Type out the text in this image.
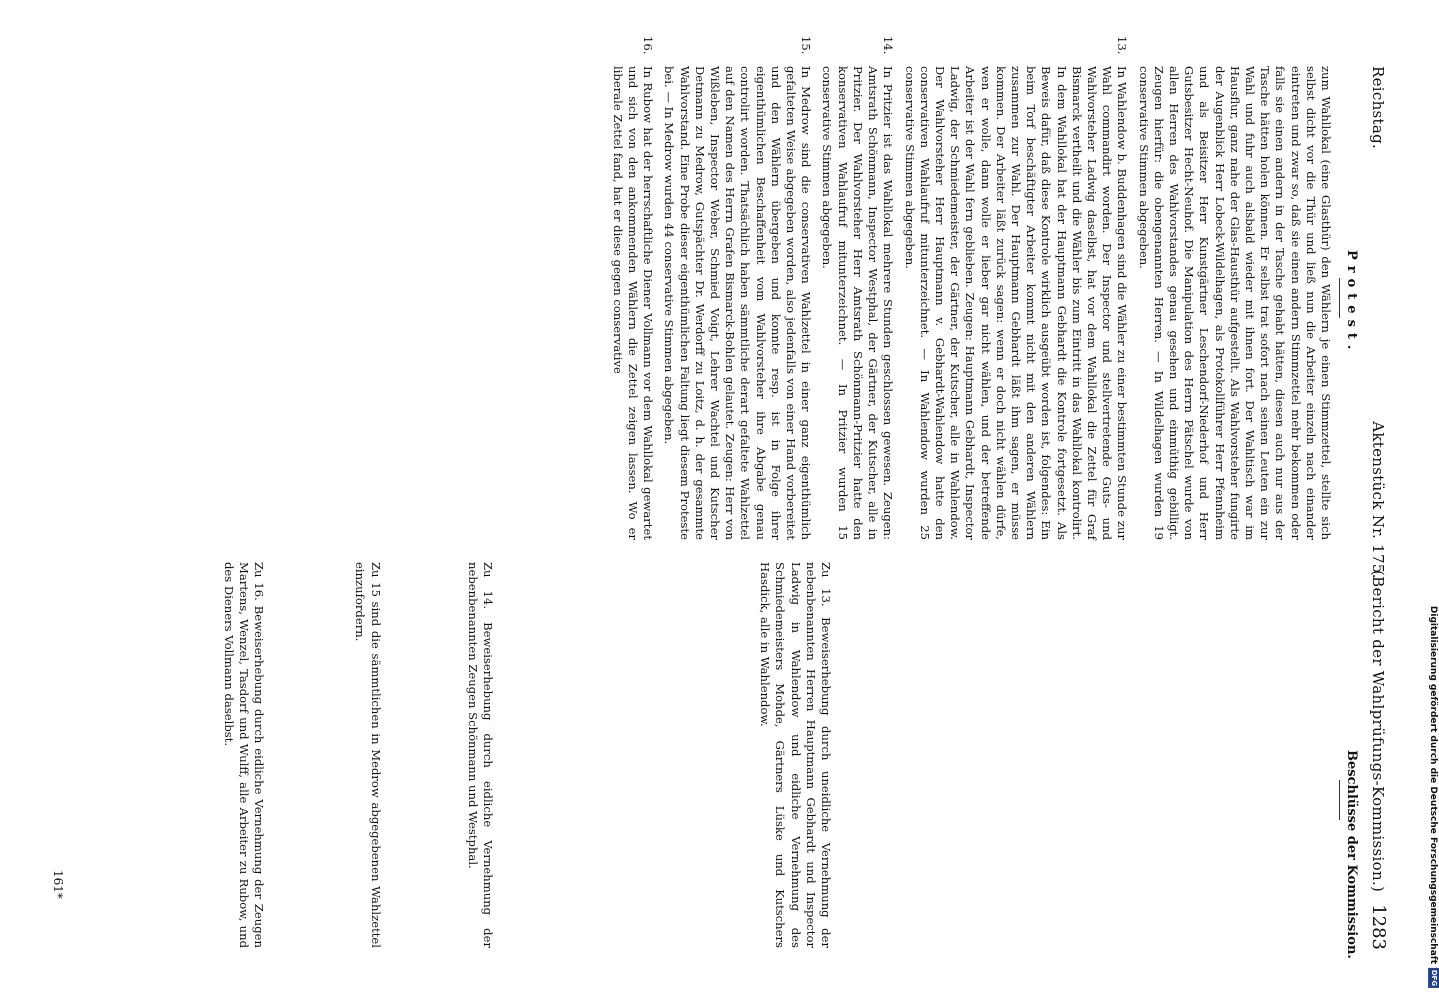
Reichstag.
Aktenstück Nr. 175.
(Bericht der Wahlprüfungs-Kommission.)
1283
Protest.
Beschlüsse der Kommission.

zum Wahllokal (eine Glasthür) den Wählern je einen Stimmzettel, stellte sich selbst dicht vor die Thür und ließ nun die Arbeiter einzeln nach einander eintreten und zwar so, daß sie einen andern Stimmzettel mehr bekommen oder falls sie einen andern in der Tasche gehabt hätten, diesen auch nur aus der Tasche hätten holen können. Er selbst trat sofort nach seinen Leuten ein zur Wahl und fuhr auch alsbald wieder mit ihnen fort. Der Wahltisch war im Hausflur, ganz nahe der Glas-Hausthür aufgestellt. Als Wahlvorsteher fungirte der Augenblick Herr Lobeck-Wildelhagen, als Protokollführer Herr Pfennheim und als Beisitzer Herr Kunstgärtner Leschendorf-Niederhof und Herr Gutsbesitzer Hecht-Neuhof. Die Manipulation des Herrn Pätschel wurde von allen Herren des Wahlvorstandes genau gesehen und einmüthig gebilligt. Zeugen hierfür: die obengenannten Herren. — In Wildelhagen wurden 19 conservative Stimmen abgegeben.

13.

In Wahlendow b. Buddenhagen sind die Wähler zu einer bestimmten Stunde zur Wahl commandirt worden. Der Inspector und stellvertretende Guts- und Wahlvorsteher Ladwig daselbst, hat vor dem Wahllokal die Zettel für Graf Bismarck vertheilt und die Wähler bis zum Eintritt in das Wahllokal kontrolirt. In dem Wahllokal hat der Hauptmann Gebhardt die Kontrole fortgesetzt. Als Beweis dafür, daß diese Kontrole wirklich ausgeübt worden ist, folgendes: Ein beim Torf beschäftigter Arbeiter kommt nicht mit den anderen Wählern zusammen zur Wahl. Der Hauptmann Gebhardt läßt ihm sagen, er müsse kommen. Der Arbeiter läßt zurück sagen: wenn er doch nicht wählen dürfe, wen er wolle, dann wolle er lieber gar nicht wählen, und der betreffende Arbeiter ist der Wahl fern geblieben. Zeugen: Hauptmann Gebhardt, Inspector Ladwig, der Schmiedemeister, der Gärtner, der Kutscher, alle in Wahlendow. Der Wahlvorsteher Herr Hauptmann v. Gebhardt-Wahlendow hatte den conservativen Wahlaufruf mitunterzeichnet. — In Wahlendow wurden 25 conservative Stimmen abgegeben.

14.

In Pritzier ist das Wahllokal mehrere Stunden geschlossen gewesen. Zeugen: Amtsrath Schönmann, Inspector Westphal, der Gärtner, der Kutscher, alle in Pritzier. Der Wahlvorsteher Herr Amtsrath Schönmann-Pritzier hatte den konservativen Wahlaufruf mitunterzeichnet. — In Pritzier wurden 15 conservative Stimmen abgegeben.

15.

In Medrow sind die conservativen Wahlzettel in einer ganz eigenthümlich gefalteten Weise abgegeben worden, also jedenfalls von einer Hand vorbereitet und den Wählern übergeben und konnte resp. ist in Folge ihrer eigenthümlichen Beschaffenheit vom Wahlvorsteher ihre Abgabe genau controlirt worden. Thatsächlich haben sämmtliche derart gefaltete Wahlzettel auf den Namen des Herrn Grafen Bismarck-Bohlen gelautet. Zeugen: Herr von Wißleben, Inspector Weber, Schmied Voigt, Lehrer Wachtel und Kutscher Detmann zu Medrow, Gutspächter Dr. Werdorff zu Loitz, d. h. der gesammte Wahlvorstand. Eine Probe dieser eigenthümlichen Faltung liegt diesem Proteste bei. — In Medrow wurden 44 conservative Stimmen abgegeben.

16.

In Rubow hat der herrschaftliche Diener Vollmann vor dem Wahllokal gewartet und sich von den ankommenden Wählern die Zettel zeigen lassen. Wo er liberale Zettel fand, hat er diese gegen conservative

Zu 13. Beweiserhebung durch uneidliche Vernehmung der nebenbenannten Herren Hauptmann Gebhardt und Inspector Ladwig in Wahlendow und eidliche Vernehmung des Schmiedemeisters Mohde, Gärtners Lüske und Kutschers Hasdick, alle in Wahlendow.

Zu 14. Beweiserhebung durch eidliche Vernehmung der nebenbenannten Zeugen Schönmann und Westphal.

Zu 15 sind die sämmtlichen in Medrow abgegebenen Wahlzettel einzufordern.

Zu 16. Beweiserhebung durch eidliche Vernehmung der Zeugen Martens, Wenzel, Tasdorf und Wulff, alle Arbeiter zu Rubow, und des Dieners Vollmann daselbst.

161*	Digitalisierung gefördert durch die Deutsche Forschungsgemeinschaft
DFG
